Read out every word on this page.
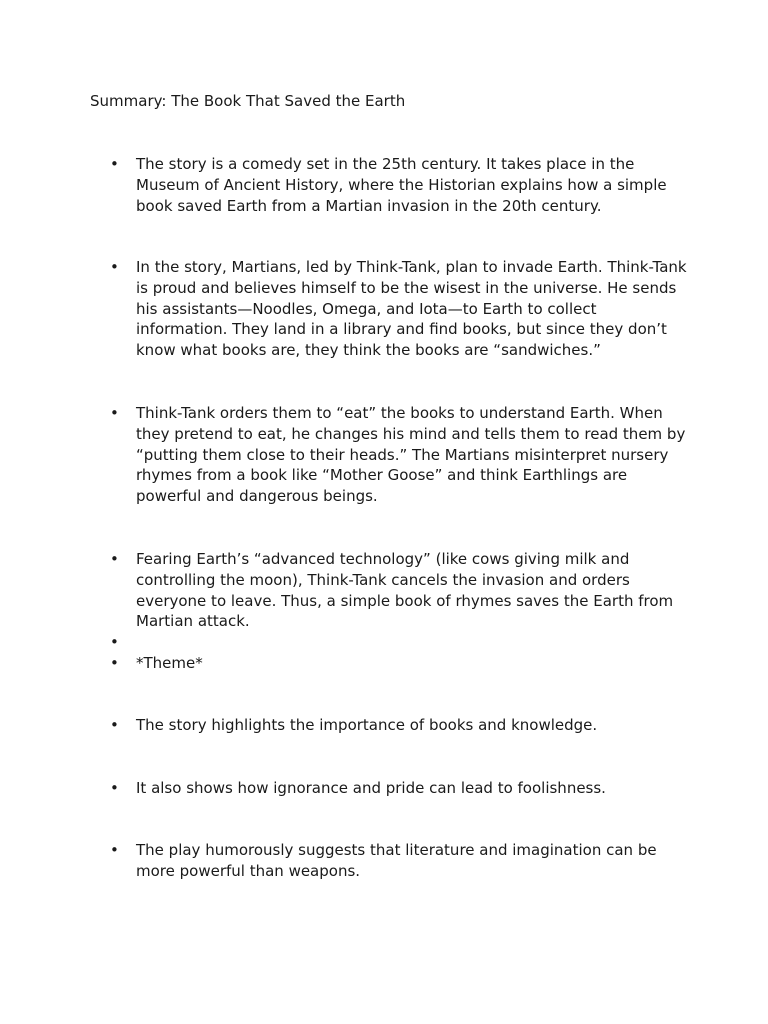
Summary: The Book That Saved the Earth
•	The story is a comedy set in the 25th century. It takes place in the Museum of Ancient History, where the Historian explains how a simple book saved Earth from a Martian invasion in the 20th century.
•	In the story, Martians, led by Think-Tank, plan to invade Earth. Think-Tank is proud and believes himself to be the wisest in the universe. He sends his assistants—Noodles, Omega, and Iota—to Earth to collect information. They land in a library and find books, but since they don’t know what books are, they think the books are “sandwiches.”
•	Think-Tank orders them to “eat” the books to understand Earth. When they pretend to eat, he changes his mind and tells them to read them by “putting them close to their heads.” The Martians misinterpret nursery rhymes from a book like “Mother Goose” and think Earthlings are powerful and dangerous beings.
•	Fearing Earth’s “advanced technology” (like cows giving milk and controlling the moon), Think-Tank cancels the invasion and orders everyone to leave. Thus, a simple book of rhymes saves the Earth from Martian attack.
•
•	*Theme*
•	The story highlights the importance of books and knowledge.
•	It also shows how ignorance and pride can lead to foolishness.
•	The play humorously suggests that literature and imagination can be more powerful than weapons.
